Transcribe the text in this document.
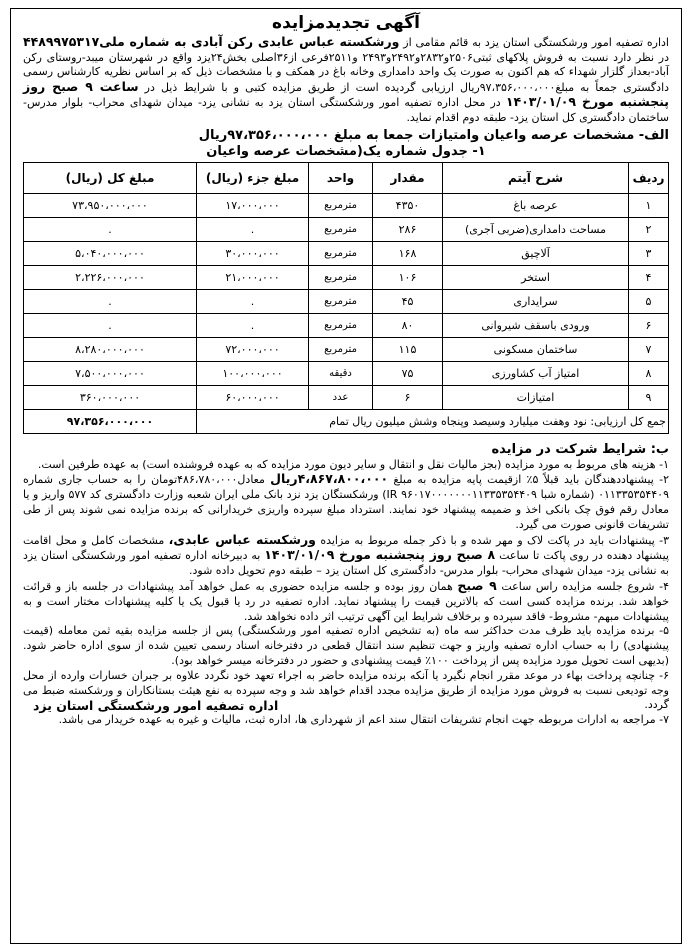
آگهی تجدیدمزایده

اداره تصفیه امور ورشکستگی استان یزد به قائم مقامی از ورشکسته عباس عابدی رکن آبادی به شماره ملی۴۴۸۹۹۷۵۳۱۷ در نظر دارد نسبت به فروش پلاکهای ثبتی۲۵۰۶و۲۸۳۲و۲۴۹۲و۲۴۹۳ و۲۵۱۱فرعی از۳۶اصلی بخش۲۴یزد واقع در شهرستان میبد-روستای رکن آباد-بعداز گلزار شهداء که هم اکنون به صورت یک واحد دامداری وخانه باغ در همکف و با مشخصات ذیل که بر اساس نظریه کارشناس رسمی دادگستری جمعاً به مبلغ۹۷،۳۵۶،۰۰۰،۰۰۰ریال ارزیابی گردیده است از طریق مزایده کتبی و با شرایط ذیل در ساعت ۹ صبح روز پنجشنبه مورخ ۱۴۰۳/۰۱/۰۹ در محل اداره تصفیه امور ورشکستگی استان یزد به نشانی یزد- میدان شهدای محراب- بلوار مدرس- ساختمان دادگستری کل استان یزد- طبقه دوم اقدام نماید.

الف- مشخصات عرصه واعیان وامتیازات جمعا به مبلغ ۹۷،۳۵۶،۰۰۰،۰۰۰ریال
۱- جدول شماره یک(مشخصات عرصه واعیان
ردیف	شرح آیتم	مقدار	واحد	مبلغ جزء (ریال)	مبلغ کل (ریال)
۱	عرصه باغ	۴۳۵۰	مترمربع	۱۷،۰۰۰،۰۰۰	۷۳،۹۵۰،۰۰۰،۰۰۰
۲	مساحت دامداری(ضربی آجری)	۲۸۶	مترمربع	.	.
۳	آلاچیق	۱۶۸	مترمربع	۳۰،۰۰۰،۰۰۰	۵،۰۴۰،۰۰۰،۰۰۰
۴	استخر	۱۰۶	مترمربع	۲۱،۰۰۰،۰۰۰	۲،۲۲۶،۰۰۰،۰۰۰
۵	سرایداری	۴۵	مترمربع	.	.
۶	ورودی باسقف شیروانی	۸۰	مترمربع	.	.
۷	ساختمان مسکونی	۱۱۵	مترمربع	۷۲،۰۰۰،۰۰۰	۸،۲۸۰،۰۰۰،۰۰۰
۸	امتیاز آب کشاورزی	۷۵	دقیقه	۱۰۰،۰۰۰،۰۰۰	۷،۵۰۰،۰۰۰،۰۰۰
۹	امتیازات	۶	عدد	۶۰،۰۰۰،۰۰۰	۳۶۰،۰۰۰،۰۰۰
جمع کل ارزیابی: نود وهفت میلیارد وسیصد وپنجاه وشش میلیون ریال تمام					۹۷،۳۵۶،۰۰۰،۰۰۰
ب: شرایط شرکت در مزایده

۱- هزینه های مربوط به مورد مزایده (بجز مالیات نقل و انتقال و سایر دیون مورد مزایده که به عهده فروشنده است) به عهده طرفین است.

۲- پیشنهاددهندگان باید قبلاً ۵٪ ازقیمت پایه مزایده به مبلغ ۴،۸۶۷،۸۰۰،۰۰۰ریال معادل۴۸۶،۷۸۰،۰۰۰تومان را به حساب جاری شماره ۰۱۱۳۳۵۳۵۴۴۰۹ (شماره شبا IR ۹۶۰۱۷۰۰۰۰۰۰۰۱۱۳۳۵۳۵۴۴۰۹) ورشکستگان یزد نزد بانک ملی ایران شعبه وزارت دادگستری کد ۵۷۷ واریز و یا معادل رقم فوق چک بانکی اخذ و ضمیمه پیشنهاد خود نمایند. استرداد مبلغ سپرده واریزی خریدارانی که برنده مزایده نمی شوند پس از طی تشریفات قانونی صورت می گیرد.

۳- پیشنهادات باید در پاکت لاک و مهر شده و با ذکر جمله مربوط به مزایده ورشکسته عباس عابدی، مشخصات کامل و محل اقامت پیشنهاد دهنده در روی پاکت تا ساعت ۸ صبح روز پنجشنبه مورخ ۱۴۰۳/۰۱/۰۹ به دبیرخانه اداره تصفیه امور ورشکستگی استان یزد به نشانی یزد- میدان شهدای محراب- بلوار مدرس- دادگستری کل استان یزد – طبقه دوم تحویل داده شود.

۴- شروع جلسه مزایده راس ساعت ۹ صبح همان روز بوده و جلسه مزایده حضوری به عمل خواهد آمد پیشنهادات در جلسه باز و قرائت خواهد شد. برنده مزایده کسی است که بالاترین قیمت را پیشنهاد نماید. اداره تصفیه در رد یا قبول یک یا کلیه پیشنهادات مختار است و به پیشنهادات مبهم- مشروط- فاقد سپرده و برخلاف شرایط این آگهی ترتیب اثر داده نخواهد شد.

۵- برنده مزایده باید ظرف مدت حداکثر سه ماه (به تشخیص اداره تصفیه امور ورشکستگی) پس از جلسه مزایده بقیه ثمن معامله (قیمت پیشنهادی) را به حساب اداره تصفیه واریز و جهت تنظیم سند انتقال قطعی در دفترخانه اسناد رسمی تعیین شده از سوی اداره حاضر شود. (بدیهی است تحویل مورد مزایده پس از پرداخت ۱۰۰٪ قیمت پیشنهادی و حضور در دفترخانه میسر خواهد بود).

۶- چنانچه پرداخت بهاء در موعد مقرر انجام نگیرد یا آنکه برنده مزایده حاضر به اجراء تعهد خود نگردد علاوه بر جبران خسارات وارده از محل وجه تودیعی نسبت به فروش مورد مزایده از طریق مزایده مجدد اقدام خواهد شد و وجه سپرده به نفع هیئت بستانکاران و ورشکسته ضبط می گردد.

۷- مراجعه به ادارات مربوطه جهت انجام تشریفات انتقال سند اعم از شهرداری ها، اداره ثبت، مالیات و غیره به عهده خریدار می باشد.

اداره تصفیه امور ورشکستگی استان یزد
